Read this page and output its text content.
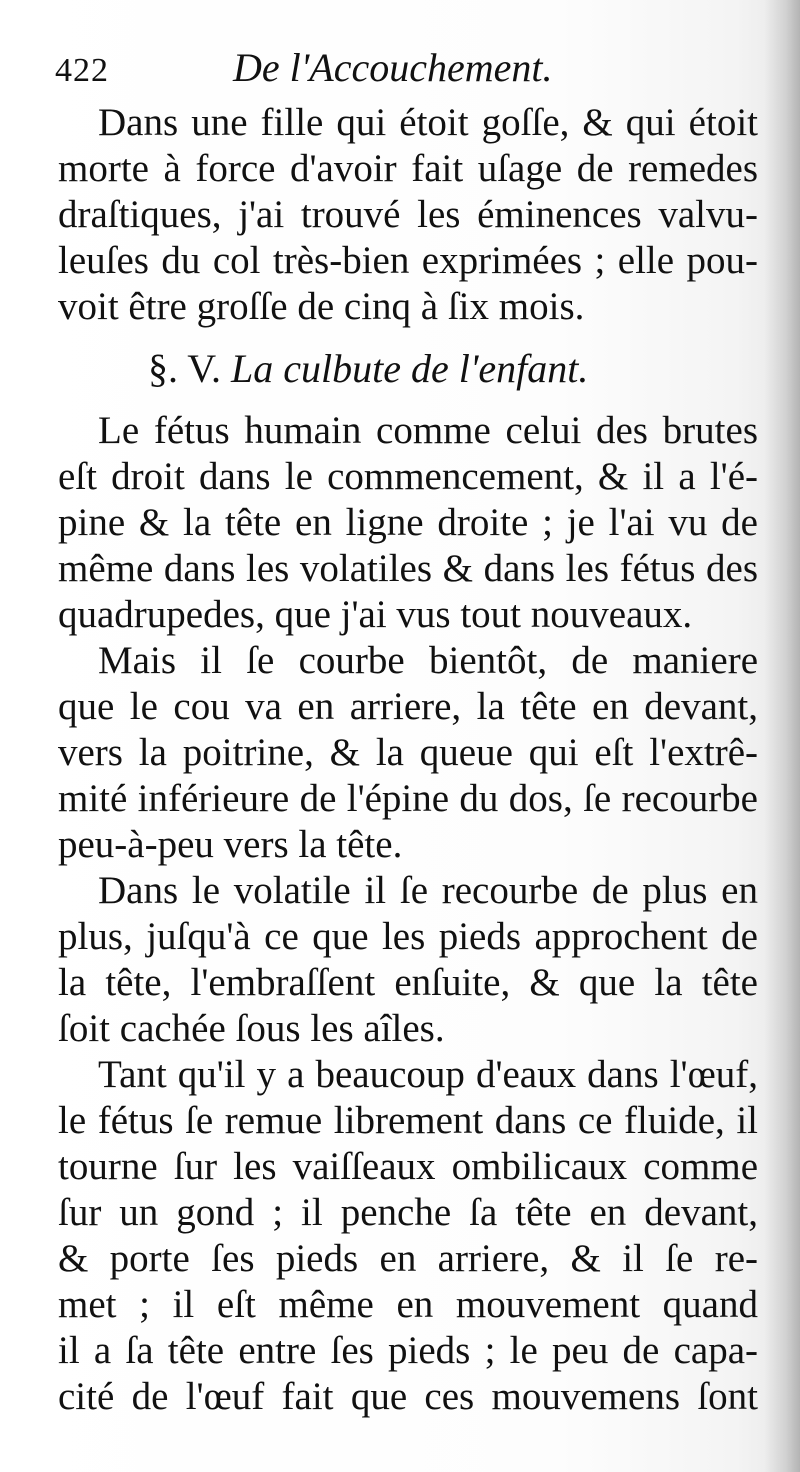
422	De l'Accouchement.
Dans une fille qui étoit goſſe, & qui étoit
morte à force d'avoir fait uſage de remedes
draſtiques, j'ai trouvé les éminences valvu-
leuſes du col très-bien exprimées ; elle pou-
voit être groſſe de cinq à ſix mois.
§. V. La culbute de l'enfant.
Le fétus humain comme celui des brutes
eſt droit dans le commencement, & il a l'é-
pine & la tête en ligne droite ; je l'ai vu de
même dans les volatiles & dans les fétus des
quadrupedes, que j'ai vus tout nouveaux.
Mais il ſe courbe bientôt, de maniere
que le cou va en arriere, la tête en devant,
vers la poitrine, & la queue qui eſt l'extrê-
mité inférieure de l'épine du dos, ſe recourbe
peu-à-peu vers la tête.
Dans le volatile il ſe recourbe de plus en
plus, juſqu'à ce que les pieds approchent de
la tête, l'embraſſent enſuite, & que la tête
ſoit cachée ſous les aîles.
Tant qu'il y a beaucoup d'eaux dans l'œuf,
le fétus ſe remue librement dans ce fluide, il
tourne ſur les vaiſſeaux ombilicaux comme
ſur un gond ; il penche ſa tête en devant,
& porte ſes pieds en arriere, & il ſe re-
met ; il eſt même en mouvement quand
il a ſa tête entre ſes pieds ; le peu de capa-
cité de l'œuf fait que ces mouvemens ſont
